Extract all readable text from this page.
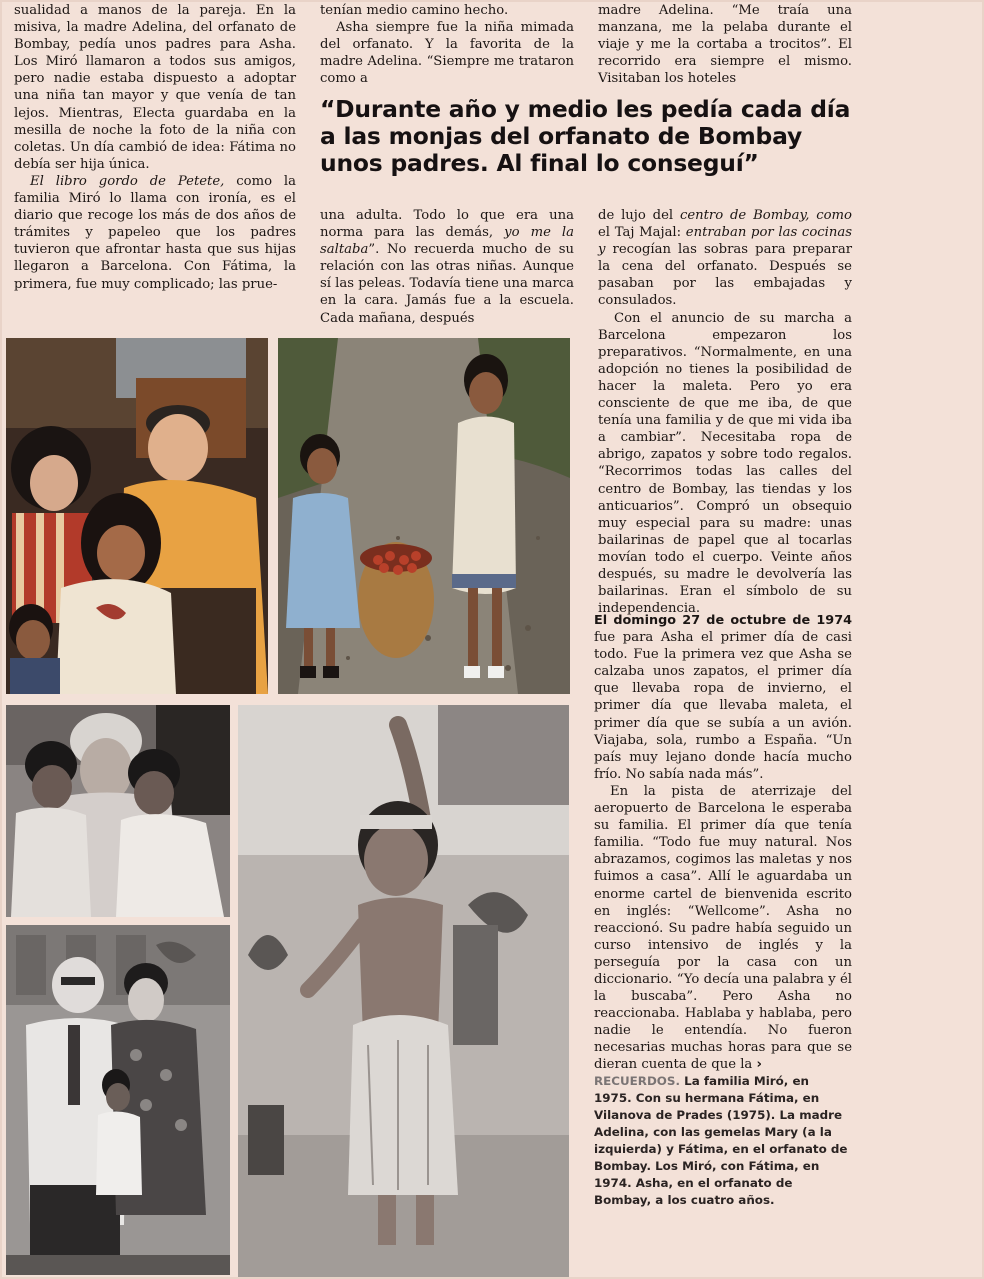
sualidad a manos de la pareja. En la misiva, la madre Adelina, del orfanato de Bombay, pedía unos padres para Asha. Los Miró llamaron a todos sus amigos, pero nadie estaba dispuesto a adoptar una niña tan mayor y que venía de tan lejos. Mientras, Electa guardaba en la mesilla de noche la foto de la niña con coletas. Un día cambió de idea: Fátima no debía ser hija única.

El libro gordo de Petete, como la familia Miró lo llama con ironía, es el diario que recoge los más de dos años de trámites y papeleo que los padres tuvieron que afrontar hasta que sus hijas llegaron a Barcelona. Con Fátima, la primera, fue muy complicado; las prue-

tenían medio camino hecho.

Asha siempre fue la niña mimada del orfanato. Y la favorita de la madre Adelina. “Siempre me trataron como a

madre Adelina. “Me traía una manzana, me la pelaba durante el viaje y me la cortaba a trocitos”. El recorrido era siempre el mismo. Visitaban los hoteles

“Durante año y medio les pedía cada día a las monjas del orfanato de Bombay unos padres. Al final lo conseguí”

una adulta. Todo lo que era una norma para las demás, yo me la saltaba”. No recuerda mucho de su relación con las otras niñas. Aunque sí las peleas. Todavía tiene una marca en la cara. Jamás fue a la escuela. Cada mañana, después

de lujo del centro de Bombay, como el Taj Majal: entraban por las cocinas y recogían las sobras para preparar la cena del orfanato. Después se pasaban por las embajadas y consulados.

Con el anuncio de su marcha a Barcelona empezaron los preparativos. “Normalmente, en una adopción no tienes la posibilidad de hacer la maleta. Pero yo era consciente de que me iba, de que tenía una familia y de que mi vida iba a cambiar”. Necesitaba ropa de abrigo, zapatos y sobre todo regalos. “Recorrimos todas las calles del centro de Bombay, las tiendas y los anticuarios”. Compró un obsequio muy especial para su madre: unas bailarinas de papel que al tocarlas movían todo el cuerpo. Veinte años después, su madre le devolvería las bailarinas. Eran el símbolo de su independencia.

El domingo 27 de octubre de 1974 fue para Asha el primer día de casi todo. Fue la primera vez que Asha se calzaba unos zapatos, el primer día que llevaba ropa de invierno, el primer día que llevaba maleta, el primer día que se subía a un avión. Viajaba, sola, rumbo a España. “Un país muy lejano donde hacía mucho frío. No sabía nada más”.

En la pista de aterrizaje del aeropuerto de Barcelona le esperaba su familia. El primer día que tenía familia. “Todo fue muy natural. Nos abrazamos, cogimos las maletas y nos fuimos a casa”. Allí le aguardaba un enorme cartel de bienvenida escrito en inglés: “Wellcome”. Asha no reaccionó. Su padre había seguido un curso intensivo de inglés y la perseguía por la casa con un diccionario. “Yo decía una palabra y él la buscaba”. Pero Asha no reaccionaba. Hablaba y hablaba, pero nadie le entendía. No fueron necesarias muchas horas para que se dieran cuenta de que la ›

RECUERDOS. La familia Miró, en 1975. Con su hermana Fátima, en Vilanova de Prades (1975). La madre Adelina, con las gemelas Mary (a la izquierda) y Fátima, en el orfanato de Bombay. Los Miró, con Fátima, en 1974. Asha, en el orfanato de Bombay, a los cuatro años.
